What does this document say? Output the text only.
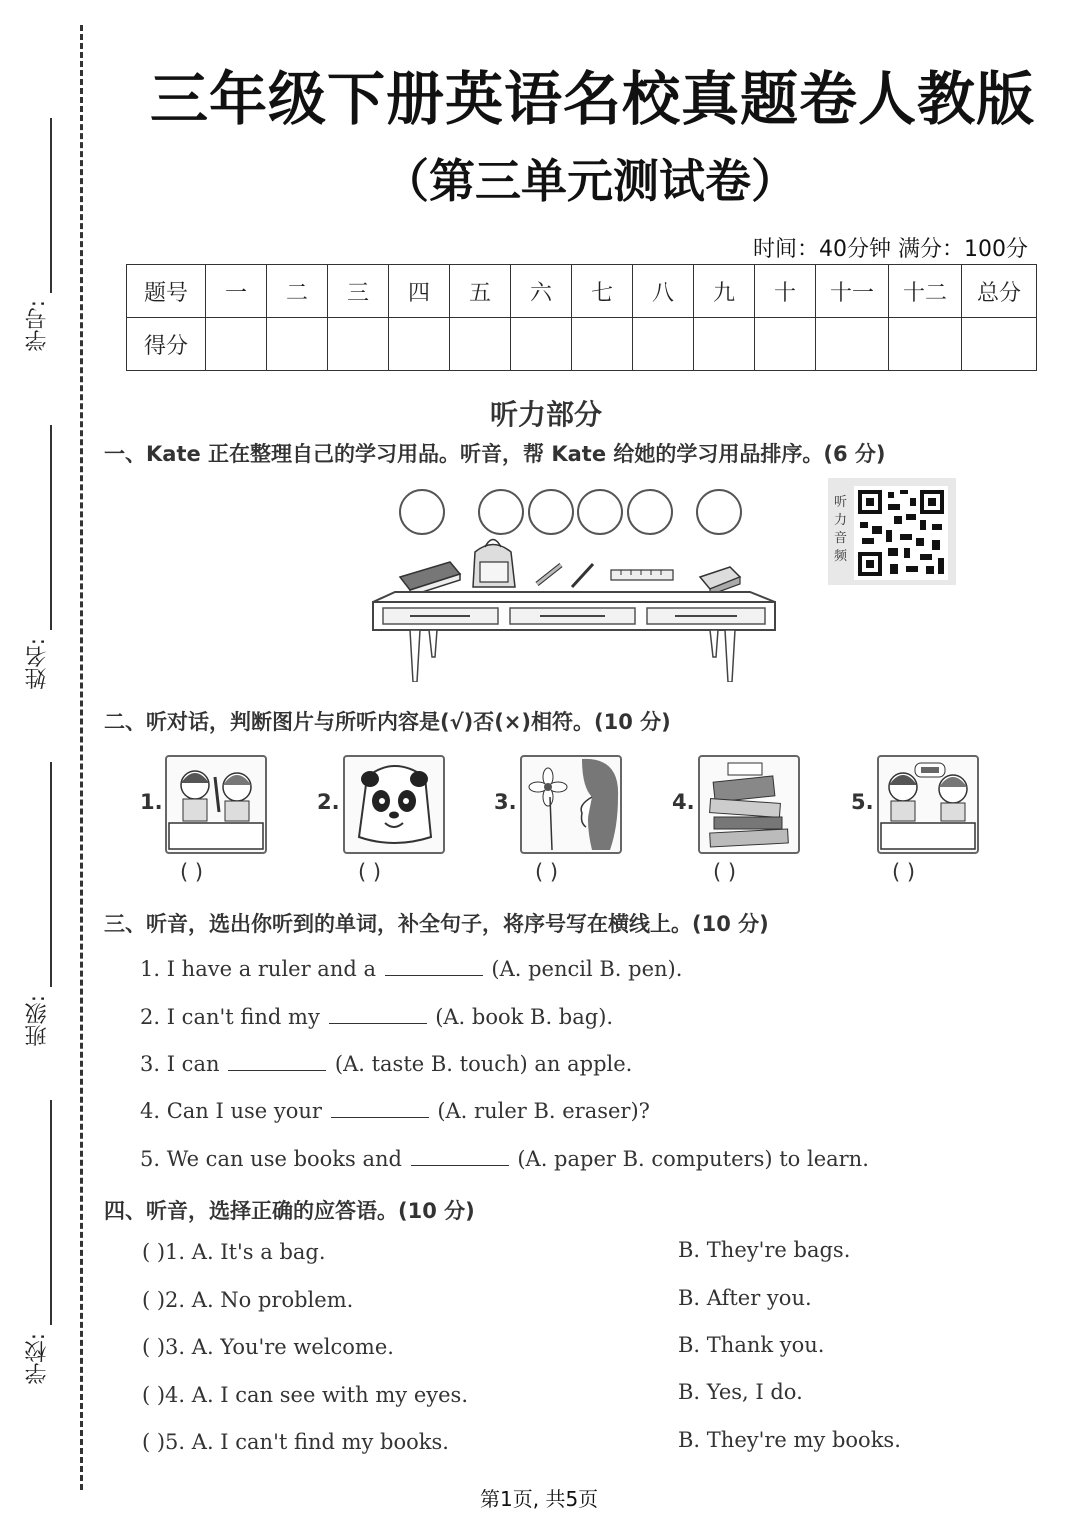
学号:
姓名:
班级:
学校:
三年级下册英语名校真题卷人教版
（第三单元测试卷）
时间：40分钟 满分：100分
题号	一	二	三	四	五	六	七	八	九	十	十一	十二	总分
得分													
听力部分
一、Kate 正在整理自己的学习用品。听音，帮 Kate 给她的学习用品排序。(6 分)
听力音频
二、听对话，判断图片与所听内容是(√)否(×)相符。(10 分)
1.
( )
2.
( )
3.
( )
4.
( )
5.
( )
三、听音，选出你听到的单词，补全句子，将序号写在横线上。(10 分)
1. I have a ruler and a	(A. pencil B. pen).
2. I can't find my	(A. book B. bag).
3. I can	(A. taste B. touch) an apple.
4. Can I use your	(A. ruler B. eraser)?
5. We can use books and	(A. paper B. computers) to learn.
四、听音，选择正确的应答语。(10 分)
( )1. A. It's a bag.	B. They're bags.
( )2. A. No problem.	B. After you.
( )3. A. You're welcome.	B. Thank you.
( )4. A. I can see with my eyes.	B. Yes, I do.
( )5. A. I can't find my books.	B. They're my books.
第1页, 共5页
